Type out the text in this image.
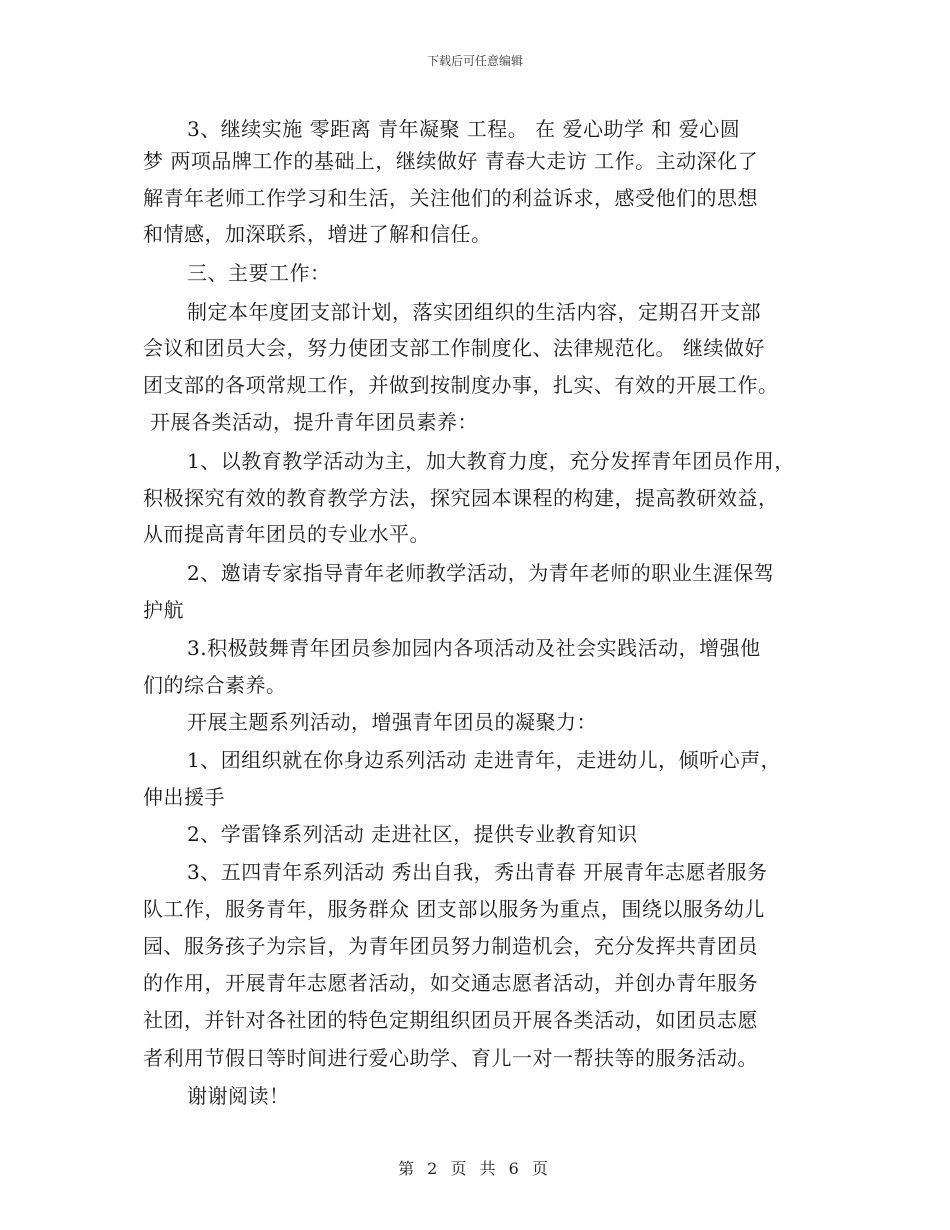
下载后可任意编辑
3、继续实施 零距离 青年凝聚 工程。 在 爱心助学 和 爱心圆
梦 两项品牌工作的基础上，继续做好 青春大走访 工作。主动深化了
解青年老师工作学习和生活，关注他们的利益诉求，感受他们的思想
和情感，加深联系，增进了解和信任。
三、主要工作：
制定本年度团支部计划，落实团组织的生活内容，定期召开支部
会议和团员大会，努力使团支部工作制度化、法律规范化。 继续做好
团支部的各项常规工作，并做到按制度办事，扎实、有效的开展工作。
开展各类活动，提升青年团员素养：
1、以教育教学活动为主，加大教育力度，充分发挥青年团员作用，
积极探究有效的教育教学方法，探究园本课程的构建，提高教研效益，
从而提高青年团员的专业水平。
2、邀请专家指导青年老师教学活动，为青年老师的职业生涯保驾
护航
3.积极鼓舞青年团员参加园内各项活动及社会实践活动，增强他
们的综合素养。
开展主题系列活动，增强青年团员的凝聚力：
1、团组织就在你身边系列活动 走进青年，走进幼儿，倾听心声，
伸出援手
2、学雷锋系列活动 走进社区，提供专业教育知识
3、五四青年系列活动 秀出自我，秀出青春 开展青年志愿者服务
队工作，服务青年，服务群众 团支部以服务为重点，围绕以服务幼儿
园、服务孩子为宗旨，为青年团员努力制造机会，充分发挥共青团员
的作用，开展青年志愿者活动，如交通志愿者活动，并创办青年服务
社团，并针对各社团的特色定期组织团员开展各类活动，如团员志愿
者利用节假日等时间进行爱心助学、育儿一对一帮扶等的服务活动。
谢谢阅读！
第 2 页 共 6 页
